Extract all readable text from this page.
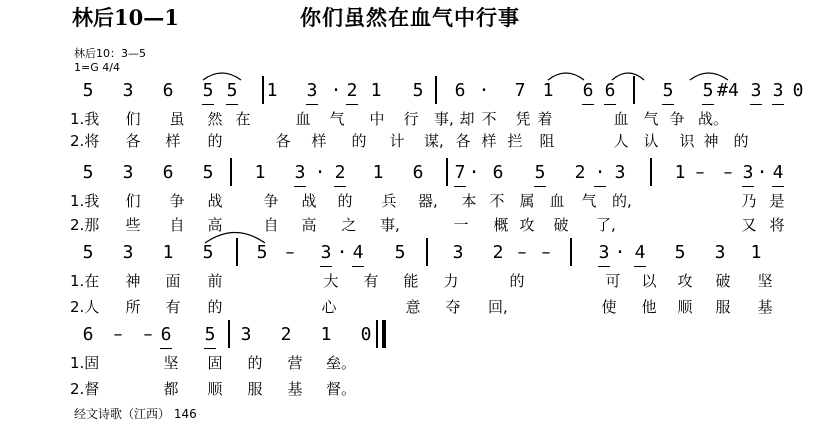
林后10—1	你们虽然在血气中行事
林后10：3—5
1=G 4/4
经文诗歌（江西） 146
5 3 6 5 5 1 3 · 2 1 5 6 · 7 1 6 6	5 5 #4 3 3 0
1.我 们 虽 然 在	血 气 中 行 事, 却 不 凭 着	血 气 争 战。
2.将 各 样 的	各 样 的 计 谋, 各 样 拦 阻	人 认 识 神 的
5 3 6 5 1 3 · 2 1 6 7 · 6 5 2 · 3	1 – – 3 · 4
1.我 们 争 战	争 战 的 兵 器, 本 不 属 血 气 的,	乃 是
2.那 些 自 高	自 高 之 事,	一 概 攻 破 了,	又 将
5 3 1 5 5 – 3 · 4 5	3 2 – –	3 · 4 5 3 1
1.在 神 面 前	大 有 能 力	的	可 以 攻 破 坚
2.人 所 有 的	心	意 夺 回,	使 他 顺 服 基
6 – – 6 5 3 2 1 0
1.固	坚 固 的 营 垒。
2.督	都 顺 服 基 督。
